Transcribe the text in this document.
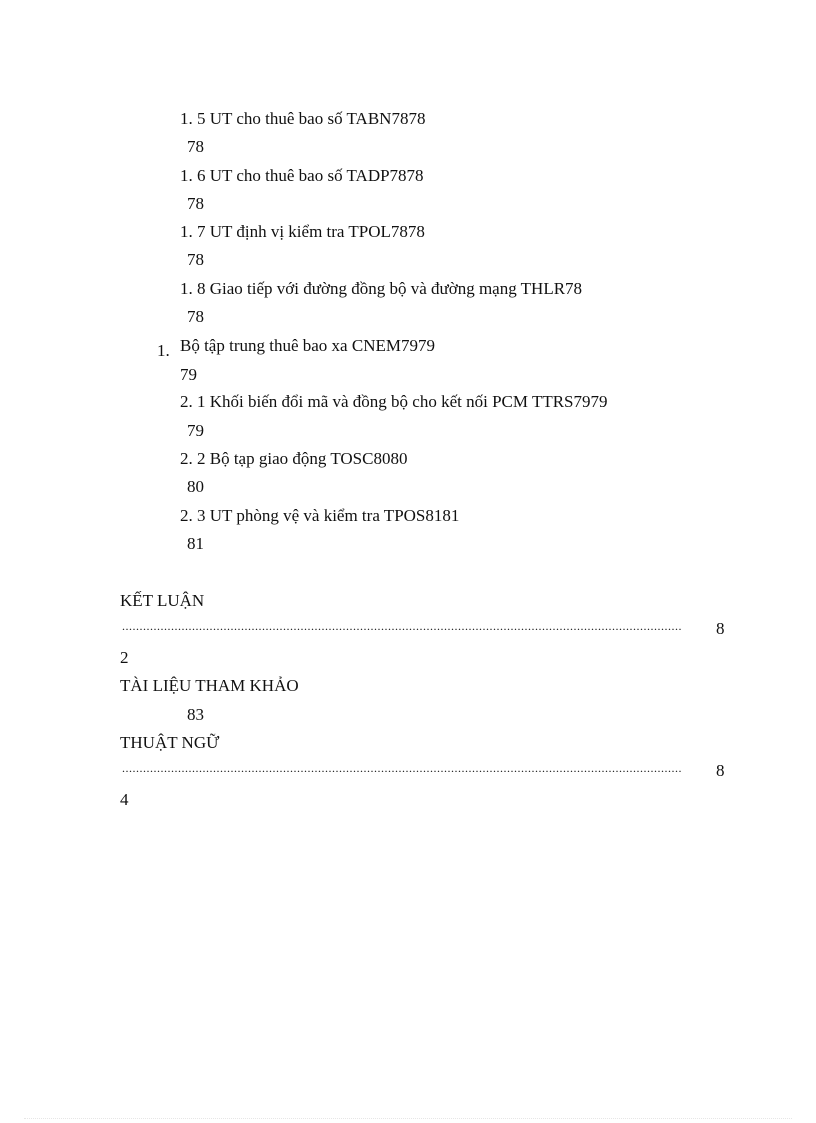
1. 5 UT cho thuê bao số TABN7878
78
1. 6 UT cho thuê bao số TADP7878
78
1. 7 UT định vị kiểm tra TPOL7878
78
1. 8 Giao tiếp với đường đồng bộ và đường mạng THLR78
78
1. Bộ tập trung thuê bao xa CNEM7979
79
2. 1 Khối biến đổi mã và đồng bộ cho kết nối PCM TTRS7979
79
2. 2 Bộ tạp giao động TOSC8080
80
2. 3 UT phòng vệ và kiểm tra TPOS8181
81
KẾT LUẬN
................................................................................................................................................................	8
2
TÀI LIỆU THAM KHẢO
83
THUẬT NGỮ
................................................................................................................................................................	8
4
